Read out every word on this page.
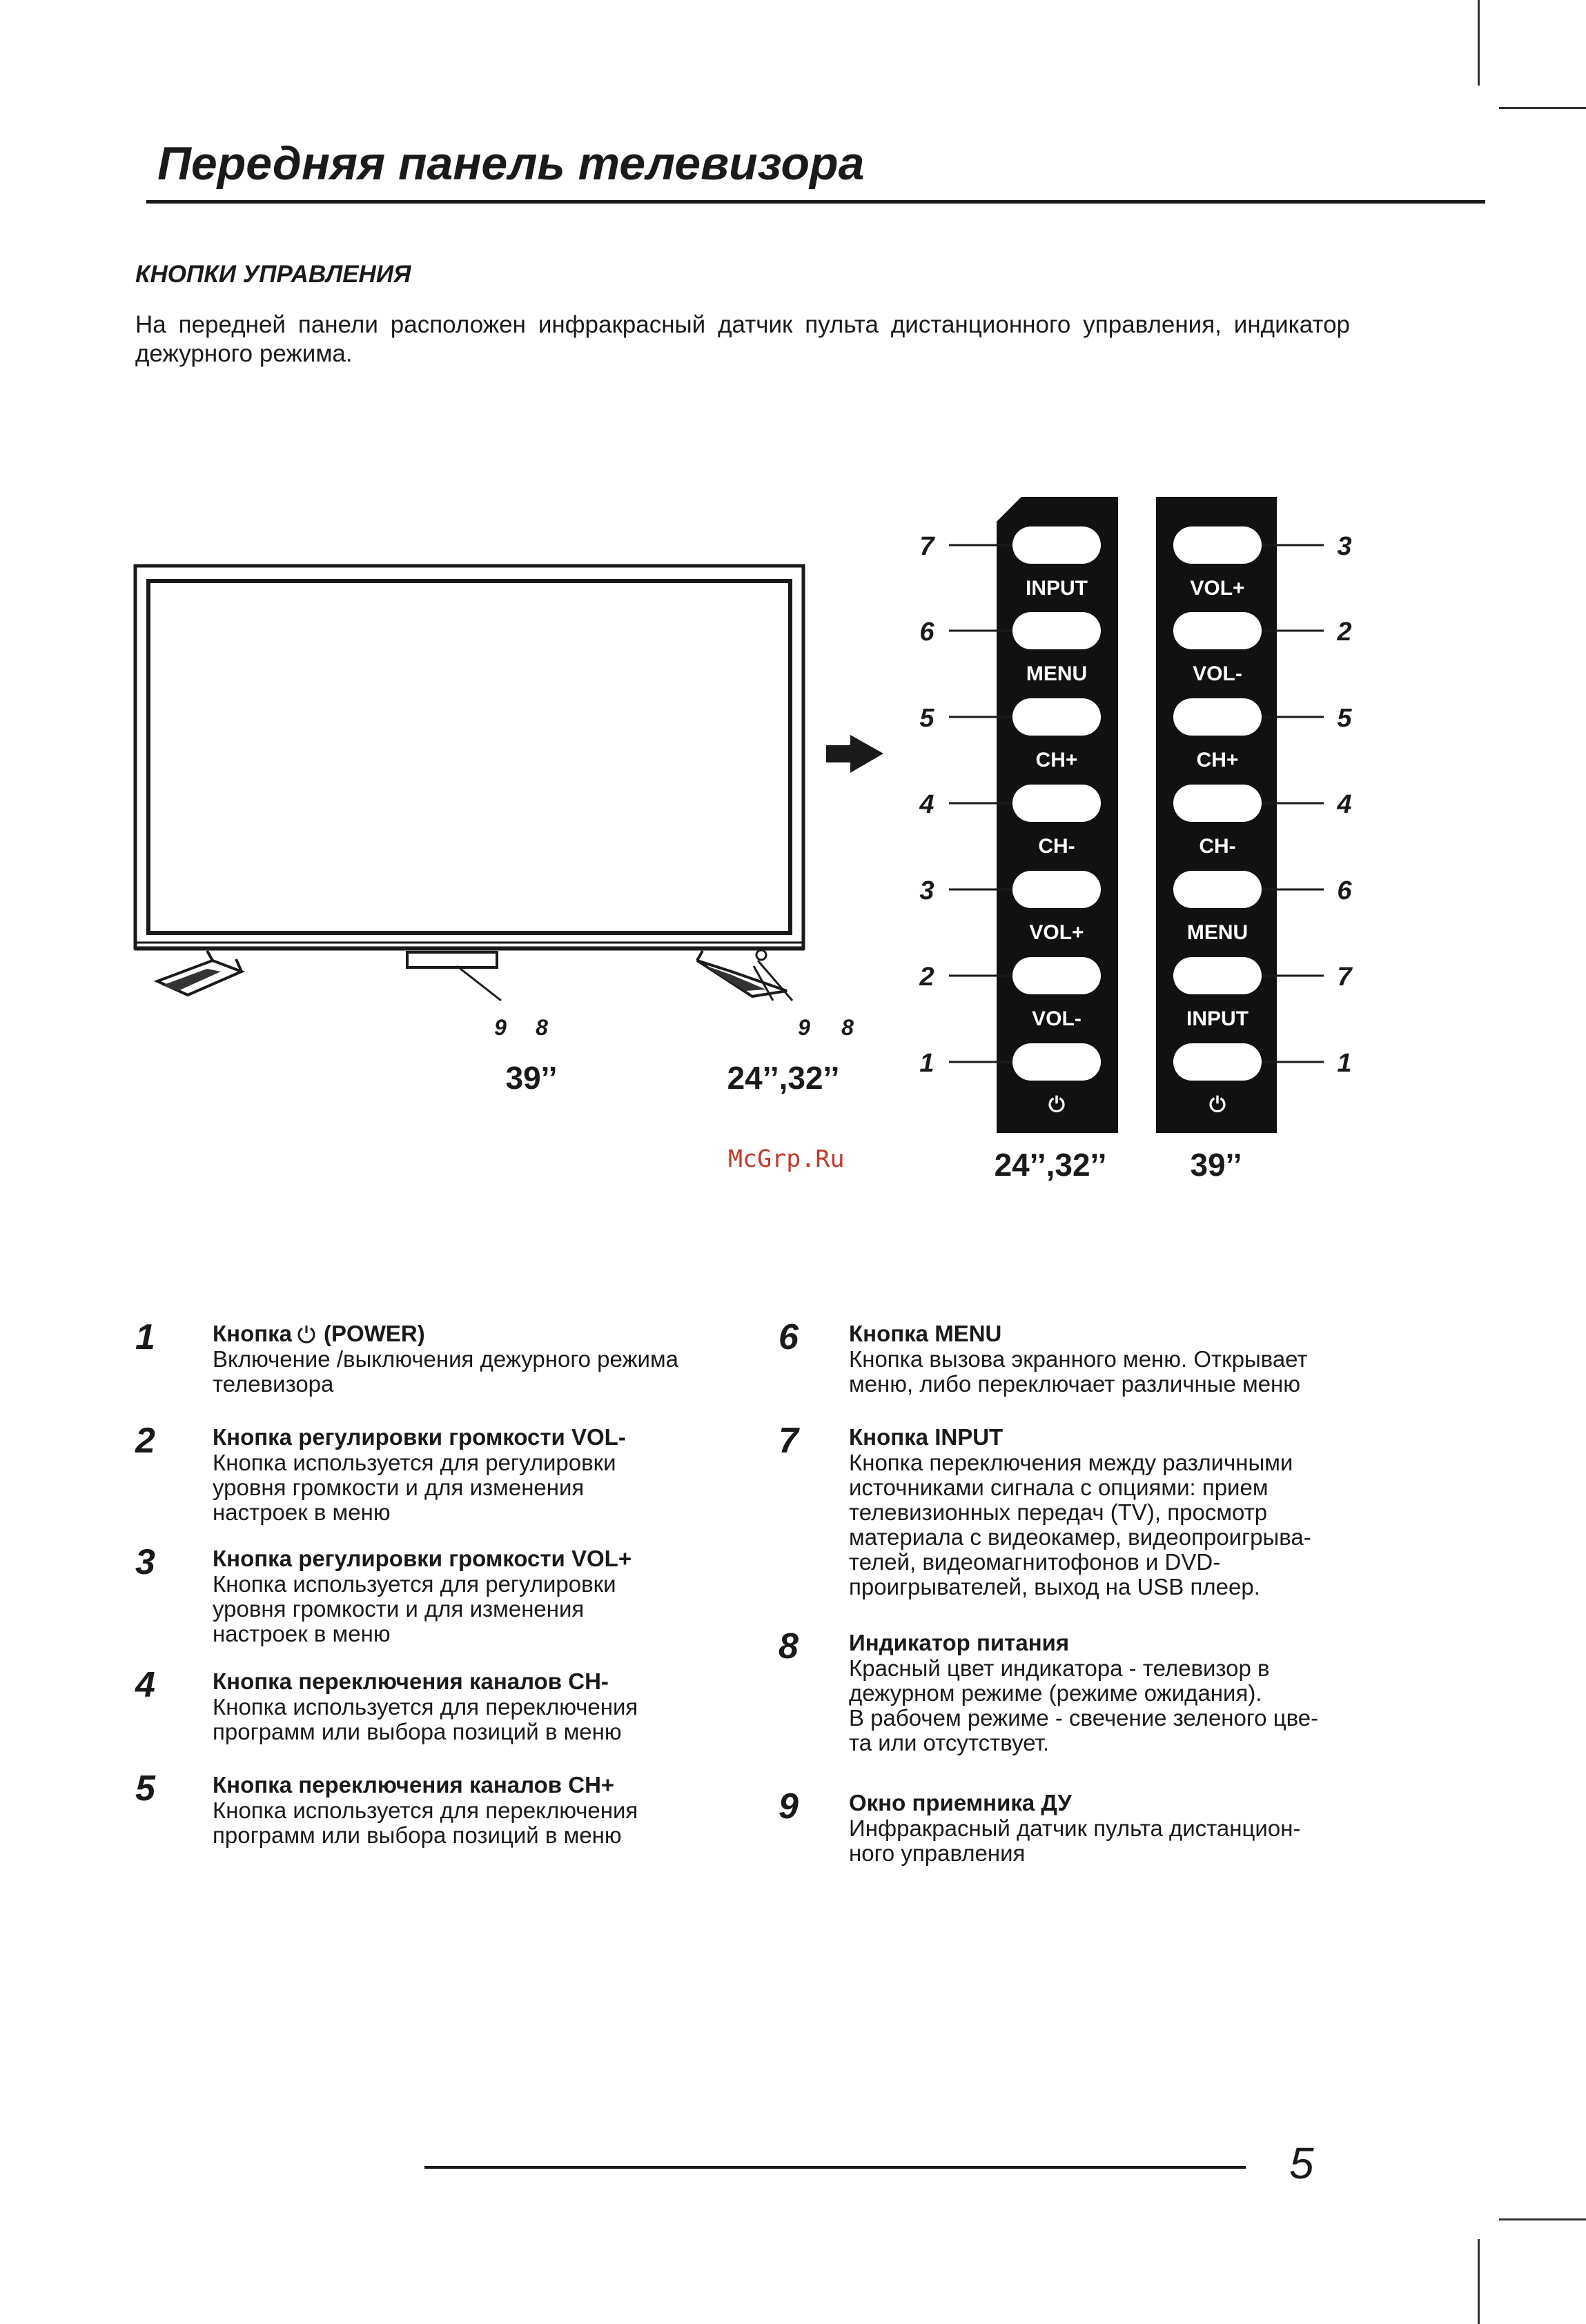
Передняя панель телевизора
КНОПКИ УПРАВЛЕНИЯ
На передней панели расположен инфракрасный датчик пульта дистанционного управления, индикатор дежурного режима.
7	3
INPUT	VOL+
6	2
MENU	VOL-
5	5
CH+	CH+
4	4
CH-	CH-
3	6
VOL+	MENU
2	7
VOL-	INPUT
1	1
⏻	⏻
24’’,32’’	39’’
9 8	9 8
39’’	24’’,32’’
McGrp.Ru
1	Кнопка (POWER)
Включение /выключения дежурного режима
телевизора
2	Кнопка регулировки громкости VOL-
Кнопка используется для регулировки
уровня громкости и для изменения
настроек в меню
3	Кнопка регулировки громкости VOL+
Кнопка используется для регулировки
уровня громкости и для изменения
настроек в меню
4	Кнопка переключения каналов CH-
Кнопка используется для переключения
программ или выбора позиций в меню
5	Кнопка переключения каналов CH+
Кнопка используется для переключения
программ или выбора позиций в меню
6 Кнопка MENU
Кнопка вызова экранного меню. Открывает
меню, либо переключает различные меню
7 Кнопка INPUT
Кнопка переключения между различными
источниками сигнала с опциями: прием
телевизионных передач (TV), просмотр
материала с видеокамер, видеопроигрыва-
телей, видеомагнитофонов и DVD-
проигрывателей, выход на USB плеер.
8 Индикатор питания
Красный цвет индикатора - телевизор в
дежурном режиме (режиме ожидания).
В рабочем режиме - свечение зеленого цве-
та или отсутствует.
9 Окно приемника ДУ
Инфракрасный датчик пульта дистанцион-
ного управления
5
